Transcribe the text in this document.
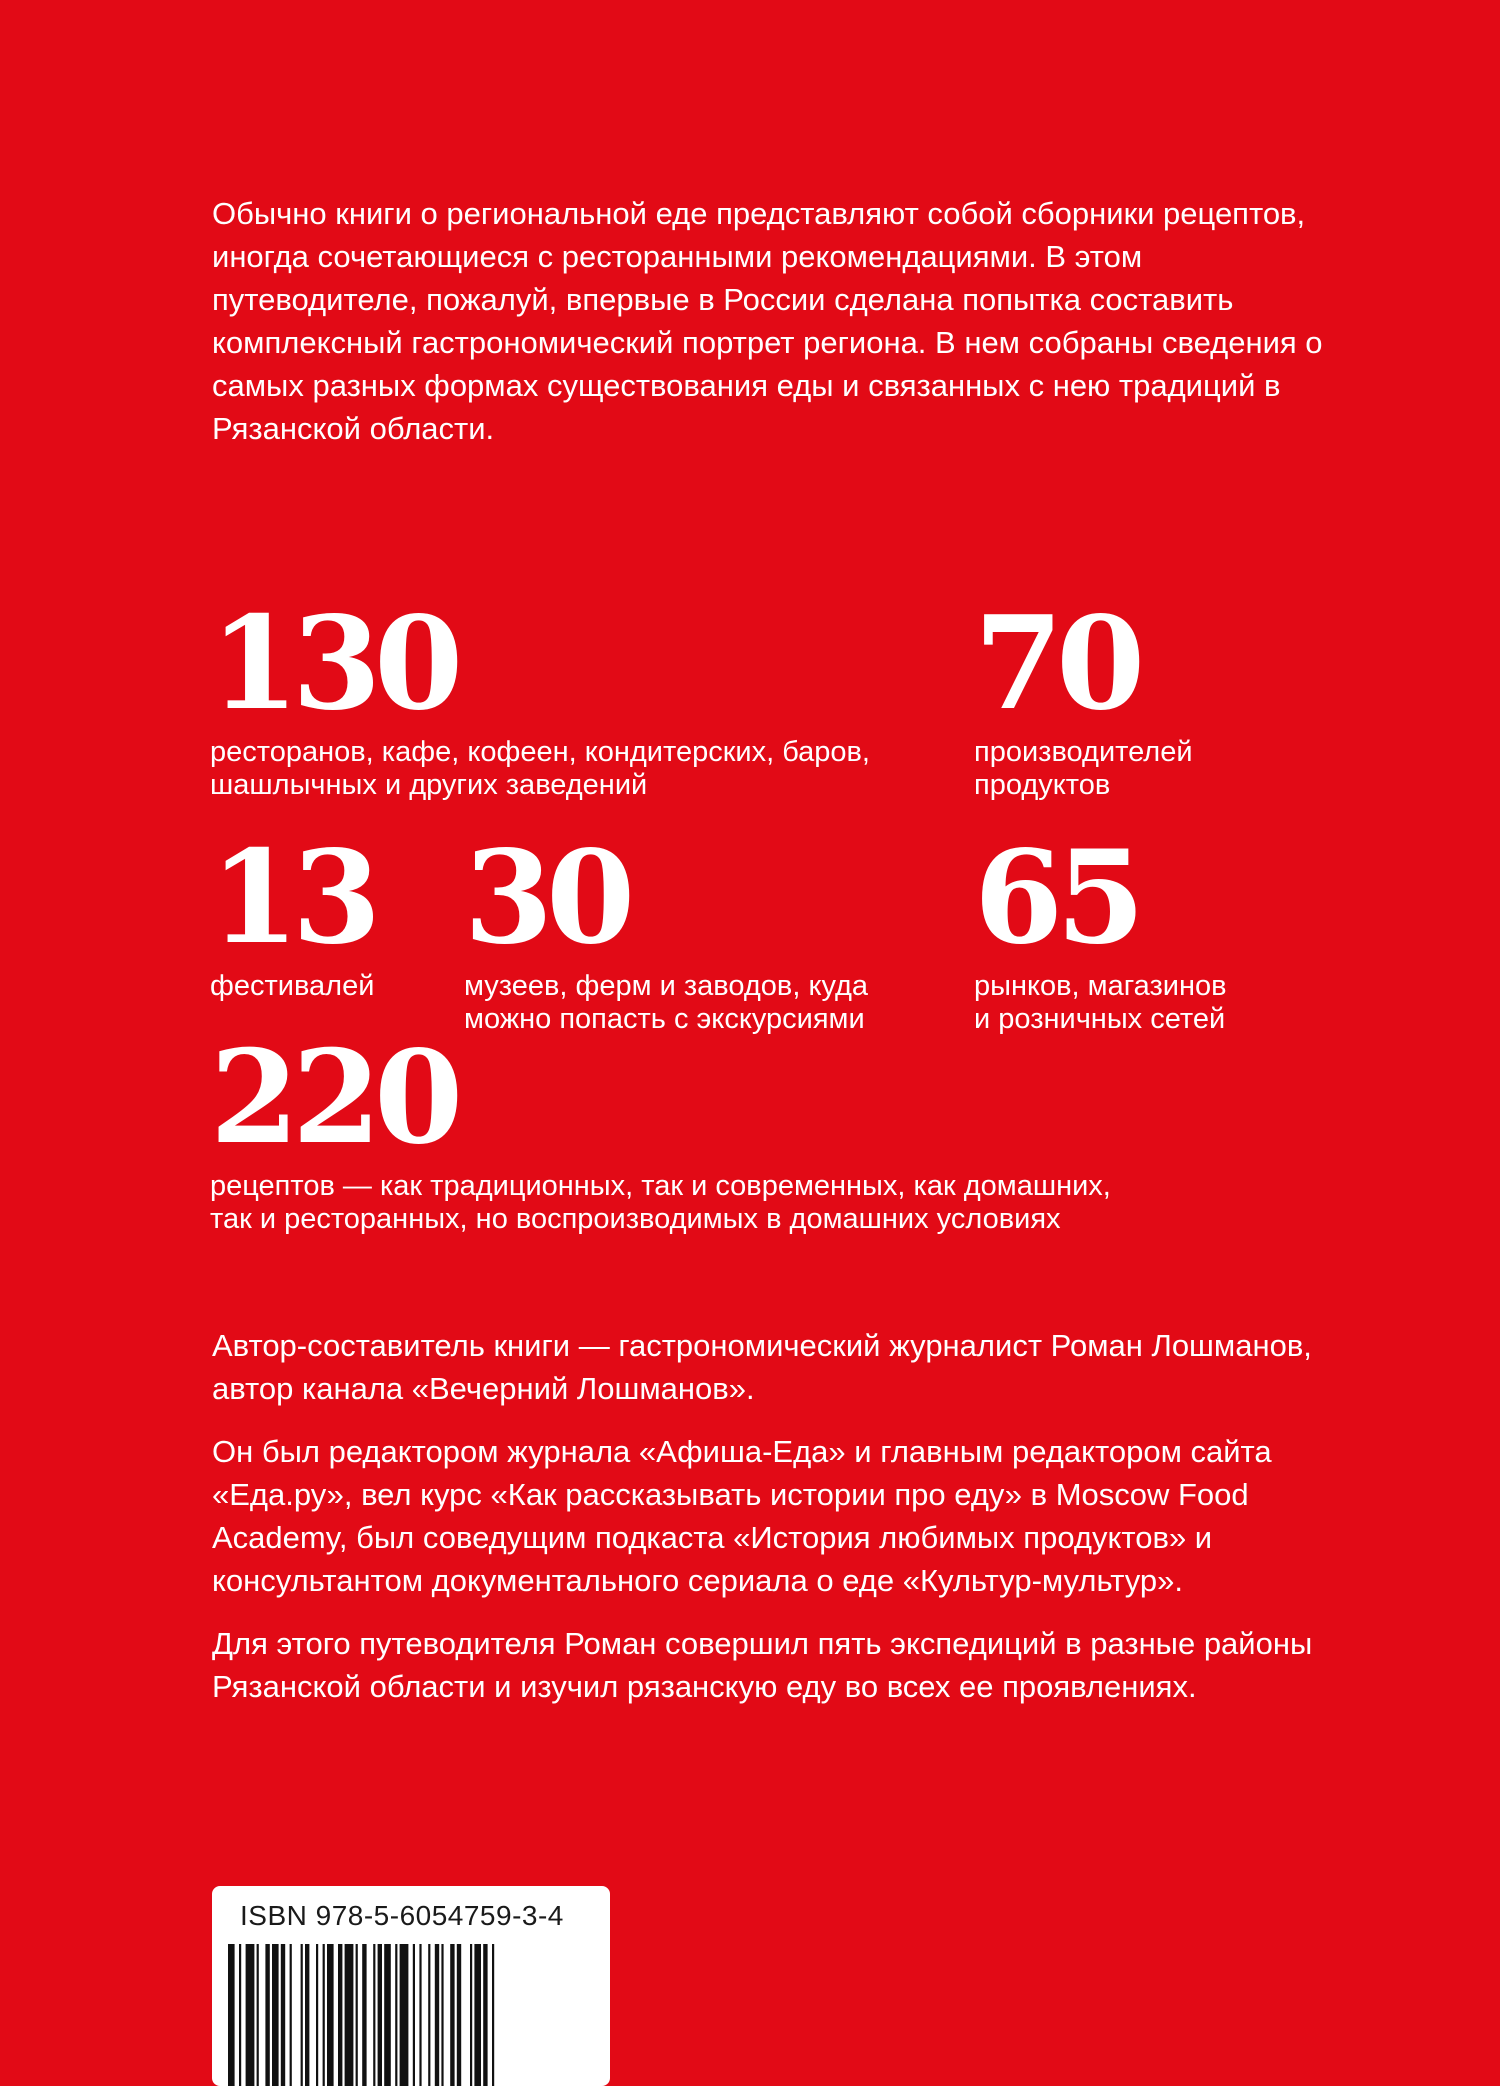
Обычно книги о региональной еде представляют собой сборники рецептов, иногда сочетающиеся с ресторанными рекомендациями. В этом путеводителе, пожалуй, впервые в России сделана попытка составить комплексный гастрономический портрет региона. В нем собраны сведения о самых разных формах существования еды и связанных с нею традиций в Рязанской области.

130
ресторанов, кафе, кофеен, кондитерских, баров,
шашлычных и других заведений
70
производителей
продуктов
13
фестивалей
30
музеев, ферм и заводов, куда
можно попасть с экскурсиями
65
рынков, магазинов
и розничных сетей
220
рецептов — как традиционных, так и современных, как домашних,
так и ресторанных, но воспроизводимых в домашних условиях

Автор-составитель книги — гастрономический журналист Роман Лошманов, автор канала «Вечерний Лошманов».

Он был редактором журнала «Афиша-Еда» и главным редактором сайта «Еда.ру», вел курс «Как рассказывать истории про еду» в Moscow Food Academy, был соведущим подкаста «История любимых продуктов» и консультантом документального сериала о еде «Культур-мультур».

Для этого путеводителя Роман совершил пять экспедиций в разные районы Рязанской области и изучил рязанскую еду во всех ее проявлениях.

ISBN 978-5-6054759-3-4
